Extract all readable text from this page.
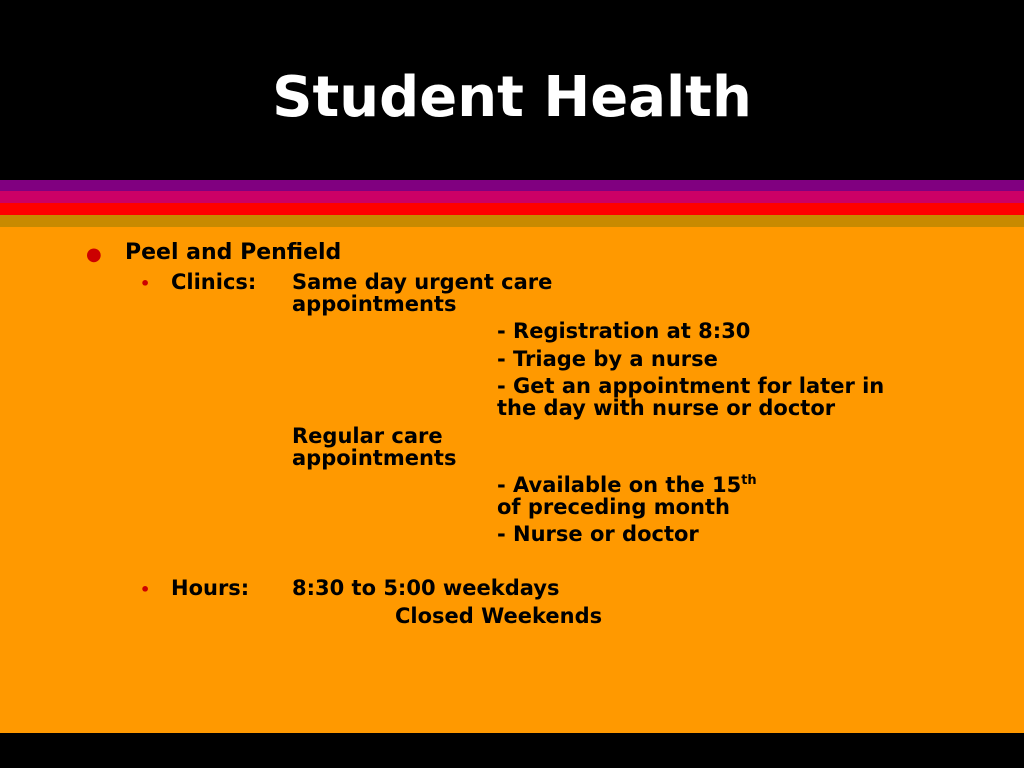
Student Health
● Peel and Penfield
• Clinics: Same day urgent care
appointments
- Registration at 8:30
- Triage by a nurse
- Get an appointment for later in
the day with nurse or doctor
Regular care
appointments
- Available on the 15th
of preceding month
- Nurse or doctor
• Hours: 8:30 to 5:00 weekdays
Closed Weekends
